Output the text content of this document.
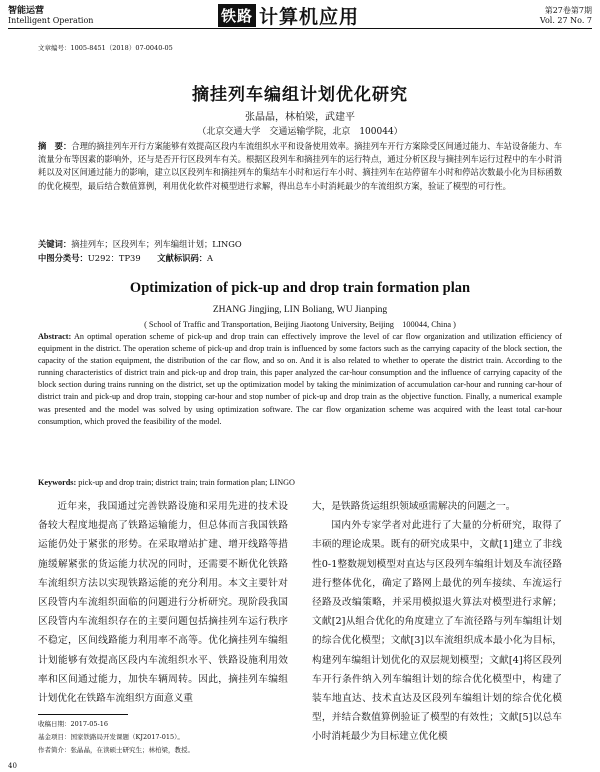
智能运营
Intelligent Operation	铁路 计算机应用	第27卷第7期
Vol. 27 No. 7
文章编号：1005-8451（2018）07-0040-05
摘挂列车编组计划优化研究
张晶晶，林柏梁，武建平
（北京交通大学　交通运输学院，北京　100044）
摘　要：合理的摘挂列车开行方案能够有效提高区段内车流组织水平和设备使用效率。摘挂列车开行方案除受区间通过能力、车站设备能力、车流量分布等因素的影响外，还与是否开行区段列车有关。根据区段列车和摘挂列车的运行特点，通过分析区段与摘挂列车运行过程中的车小时消耗以及对区间通过能力的影响，建立以区段列车和摘挂列车的集结车小时和运行车小时、摘挂列车在站停留车小时和停站次数最小化为目标函数的优化模型，最后结合数值算例，利用优化软件对模型进行求解，得出总车小时消耗最少的车流组织方案，验证了模型的可行性。
关键词：摘挂列车；区段列车；列车编组计划；LINGO
中图分类号：U292：TP39 文献标识码：A
Optimization of pick-up and drop train formation plan
ZHANG Jingjing, LIN Boliang, WU Jianping
( School of Traffic and Transportation, Beijing Jiaotong University, Beijing　100044, China )
Abstract: An optimal operation scheme of pick-up and drop train can effectively improve the level of car flow organization and utilization efficiency of equipment in the district. The operation scheme of pick-up and drop train is influenced by some factors such as the carrying capacity of the block section, the capacity of the station equipment, the distribution of the car flow, and so on. And it is also related to whether to operate the district train. According to the running characteristics of district train and pick-up and drop train, this paper analyzed the car-hour consumption and the influence of carrying capacity of the block section during trains running on the district, set up the optimization model by taking the minimization of accumulation car-hour and running car-hour of district train and pick-up and drop train, stopping car-hour and stop number of pick-up and drop train as the objective function. Finally, a numerical example was presented and the model was solved by using optimization software. The car flow organization scheme was acquired with the least total car-hour consumption, which proved the feasibility of the model.
Keywords: pick-up and drop train; district train; train formation plan; LINGO

近年来，我国通过完善铁路设施和采用先进的技术设备较大程度地提高了铁路运输能力，但总体而言我国铁路运能仍处于紧张的形势。在采取增站扩建、增开线路等措施缓解紧张的货运能力状况的同时，还需要不断优化铁路车流组织方法以实现铁路运能的充分利用。本文主要针对区段管内车流组织面临的问题进行分析研究。现阶段我国区段管内车流组织存在的主要问题包括摘挂列车运行秩序不稳定，区间线路能力利用率不高等。优化摘挂列车编组计划能够有效提高区段内车流组织水平、铁路设施利用效率和区间通过能力，加快车辆周转。因此，摘挂列车编组计划优化在铁路车流组织方面意义重

大，是铁路货运组织领域亟需解决的问题之一。

国内外专家学者对此进行了大量的分析研究，取得了丰硕的理论成果。既有的研究成果中，文献[1]建立了非线性0-1整数规划模型对直达与区段列车编组计划及车流径路进行整体优化，确定了路网上最优的列车接续、车流运行径路及改编策略，并采用模拟退火算法对模型进行求解；文献[2]从组合优化的角度建立了车流径路与列车编组计划的综合优化模型；文献[3]以车流组织成本最小化为目标，构建列车编组计划优化的双层规划模型；文献[4]将区段列车开行条件纳入列车编组计划的综合优化模型中，构建了装车地直达、技术直达及区段列车编组计划的综合优化模型，并结合数值算例验证了模型的有效性；文献[5]以总车小时消耗最少为目标建立优化模

收稿日期：2017-05-16
基金项目：国家铁路局开发课题（KJ2017-015）。
作者简介：张晶晶，在读硕士研究生；林柏梁，教授。
40
